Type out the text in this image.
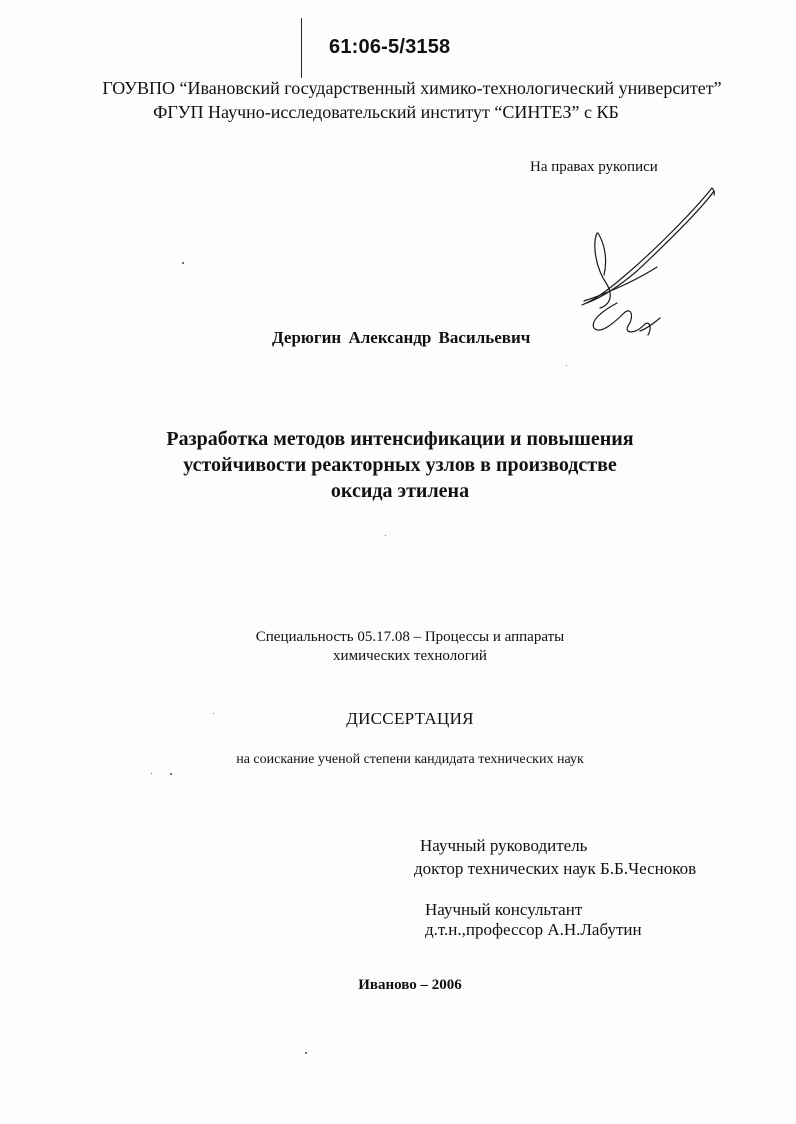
61:06-5/3158
ГОУВПО “Ивановский государственный химико-технологический университет”
ФГУП Научно-исследовательский институт “СИНТЕЗ” с КБ
На правах рукописи
Дерюгин Александр Васильевич
Разработка методов интенсификации и повышения
устойчивости реакторных узлов в производстве
оксида этилена
Специальность 05.17.08 – Процессы и аппараты
химических технологий
ДИССЕРТАЦИЯ
на соискание ученой степени кандидата технических наук
Научный руководитель
доктор технических наук Б.Б.Чесноков
Научный консультант
д.т.н.,профессор А.Н.Лабутин
Иваново – 2006
